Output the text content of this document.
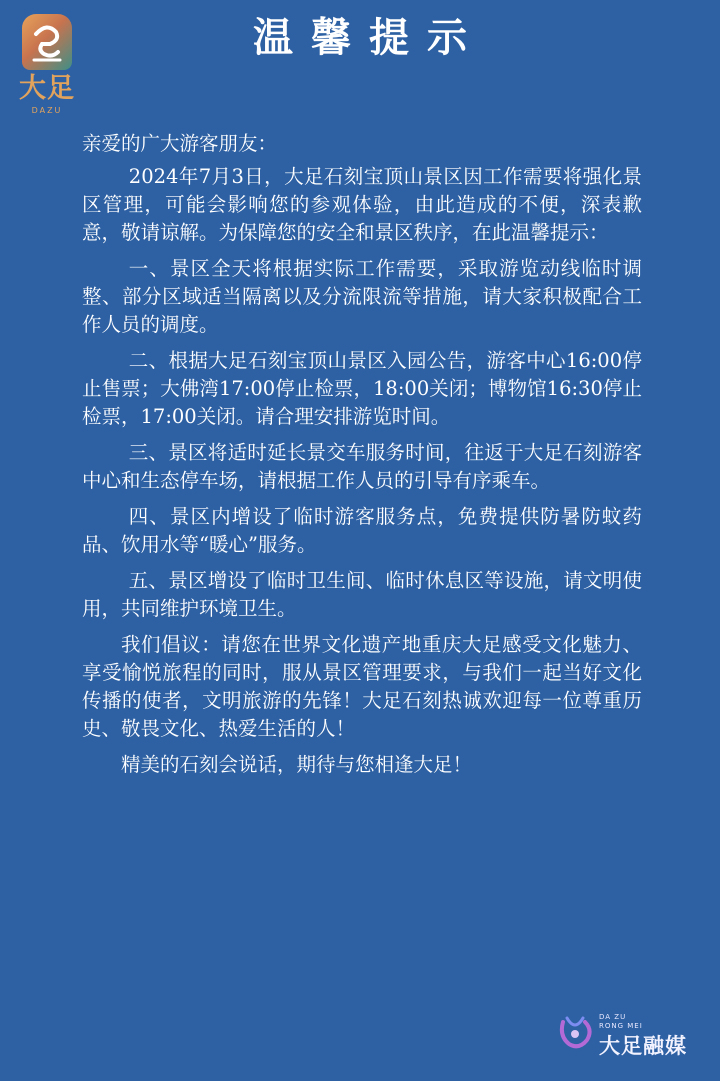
大足
DAZU
温馨提示

亲爱的广大游客朋友：

2024年7月3日，大足石刻宝顶山景区因工作需要将强化景区管理，可能会影响您的参观体验，由此造成的不便，深表歉意，敬请谅解。为保障您的安全和景区秩序，在此温馨提示：

一、景区全天将根据实际工作需要，采取游览动线临时调整、部分区域适当隔离以及分流限流等措施，请大家积极配合工作人员的调度。

二、根据大足石刻宝顶山景区入园公告，游客中心16:00停止售票；大佛湾17:00停止检票，18:00关闭；博物馆16:30停止检票，17:00关闭。请合理安排游览时间。

三、景区将适时延长景交车服务时间，往返于大足石刻游客中心和生态停车场，请根据工作人员的引导有序乘车。

四、景区内增设了临时游客服务点，免费提供防暑防蚊药品、饮用水等“暖心”服务。

五、景区增设了临时卫生间、临时休息区等设施，请文明使用，共同维护环境卫生。

我们倡议：请您在世界文化遗产地重庆大足感受文化魅力、享受愉悦旅程的同时，服从景区管理要求，与我们一起当好文化传播的使者，文明旅游的先锋！大足石刻热诚欢迎每一位尊重历史、敬畏文化、热爱生活的人！

精美的石刻会说话，期待与您相逢大足！

DA ZU
RONG MEI
大足融媒
